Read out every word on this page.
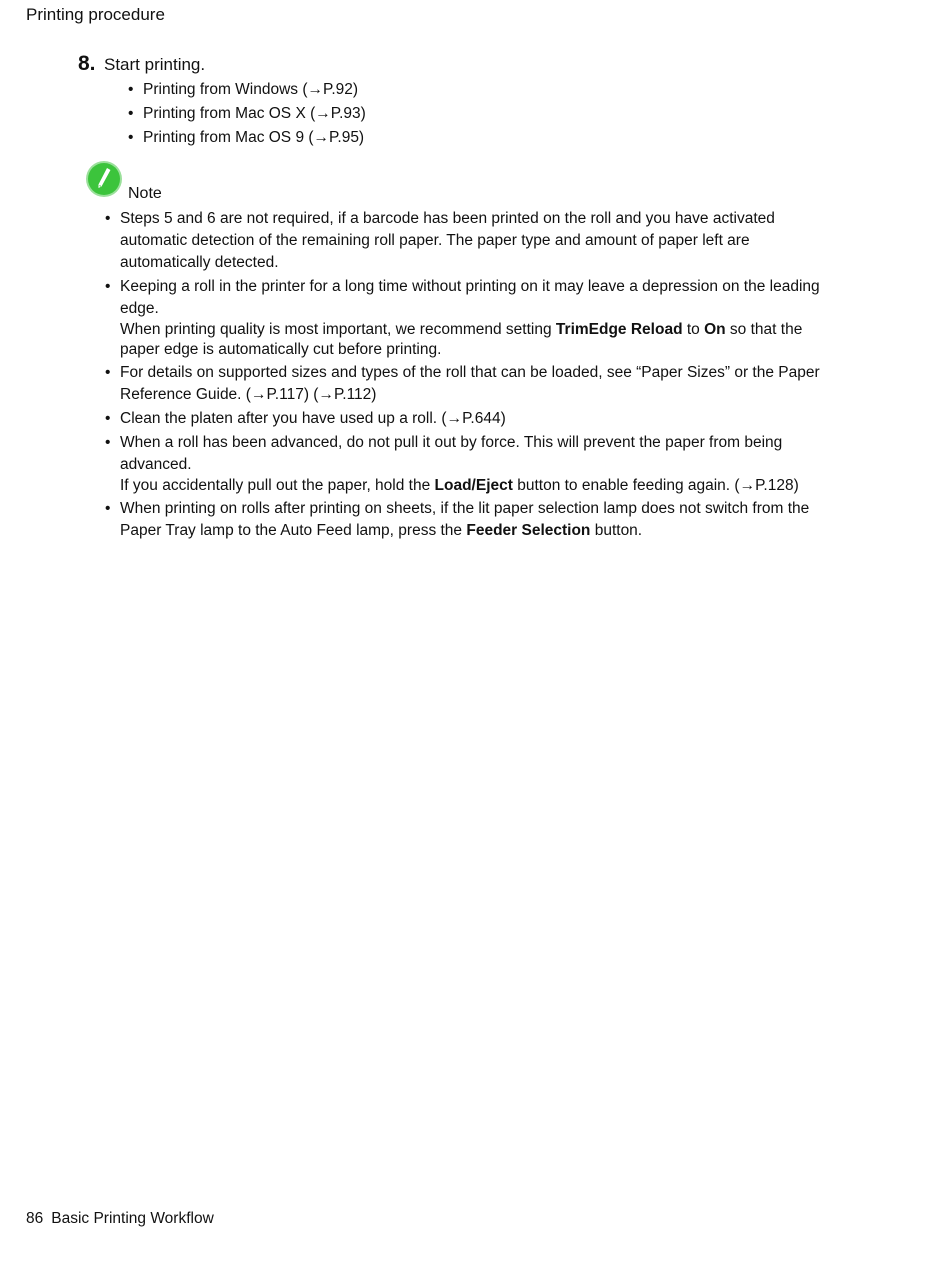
Printing procedure
8. Start printing.
• Printing from Windows (→P.92)
• Printing from Mac OS X (→P.93)
• Printing from Mac OS 9 (→P.95)
Note
• Steps 5 and 6 are not required, if a barcode has been printed on the roll and you have activated automatic detection of the remaining roll paper. The paper type and amount of paper left are automatically detected.

• Keeping a roll in the printer for a long time without printing on it may leave a depression on the leading edge.

When printing quality is most important, we recommend setting TrimEdge Reload to On so that the paper edge is automatically cut before printing.

• For details on supported sizes and types of the roll that can be loaded, see “Paper Sizes” or the Paper Reference Guide. (→P.117) (→P.112)

• Clean the platen after you have used up a roll. (→P.644)

• When a roll has been advanced, do not pull it out by force. This will prevent the paper from being advanced.

If you accidentally pull out the paper, hold the Load/Eject button to enable feeding again. (→P.128)

• When printing on rolls after printing on sheets, if the lit paper selection lamp does not switch from the Paper Tray lamp to the Auto Feed lamp, press the Feeder Selection button.

86 Basic Printing Workflow
